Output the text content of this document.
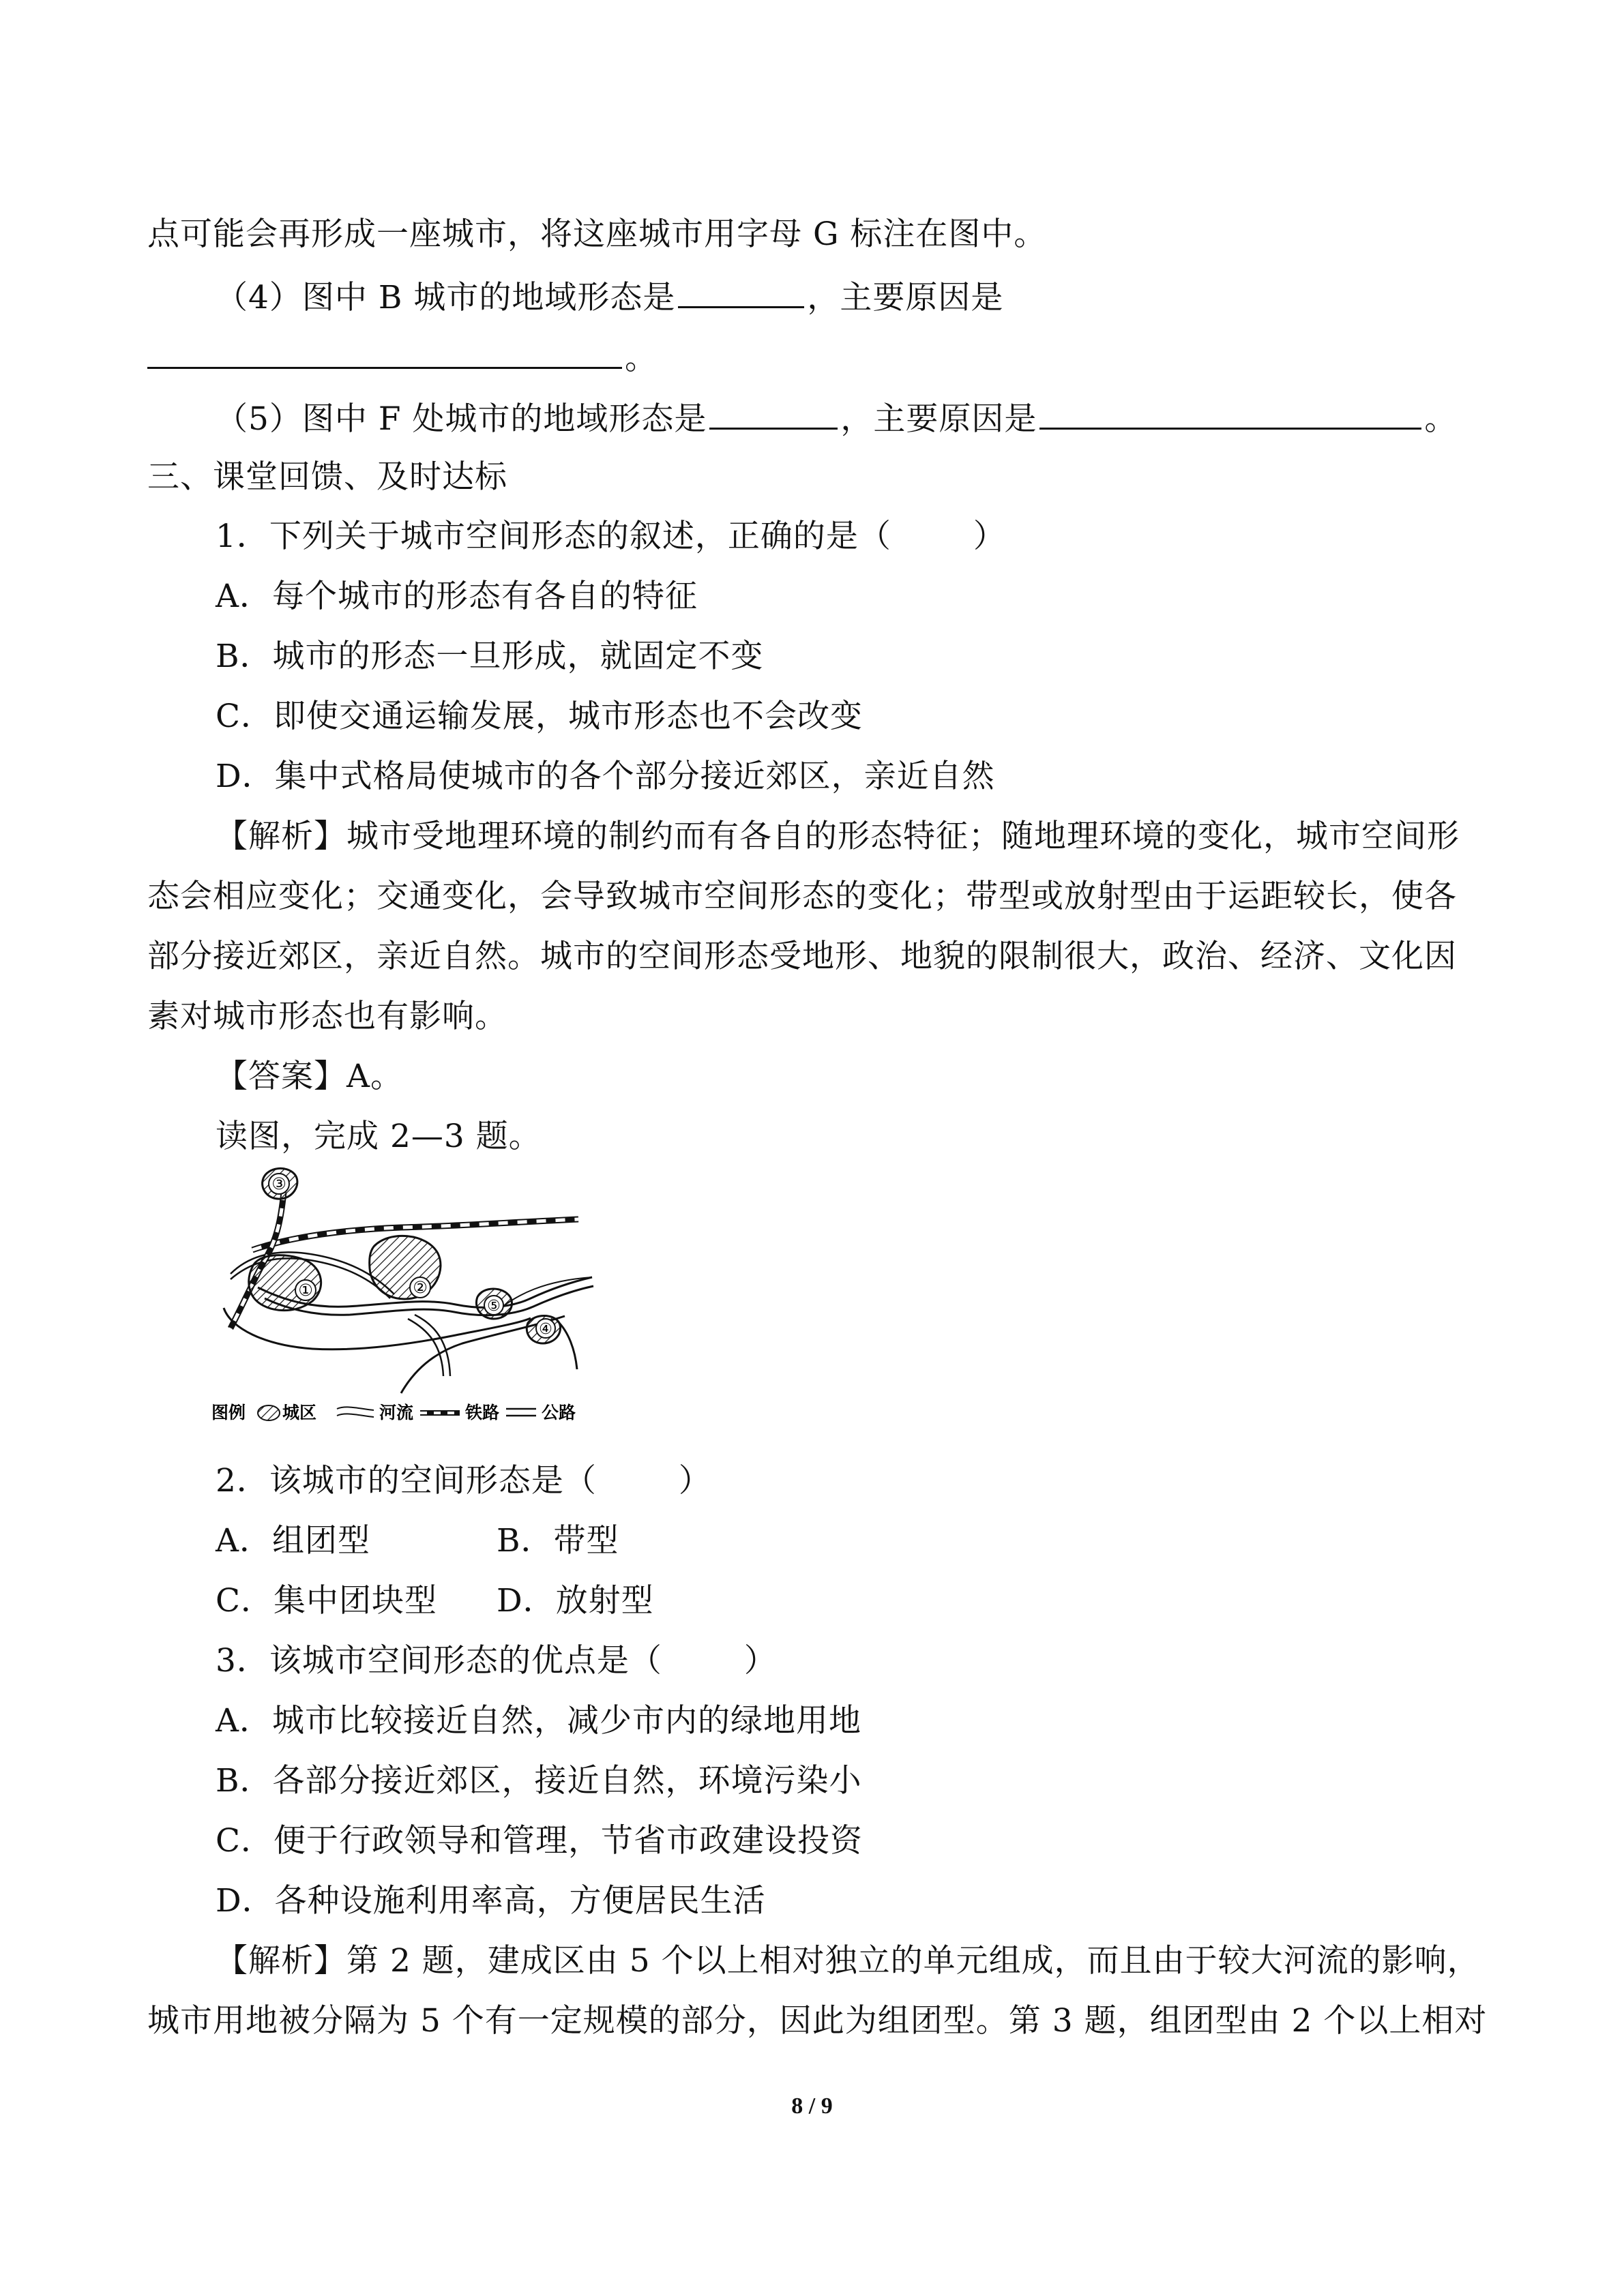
点可能会再形成一座城市，将这座城市用字母 G 标注在图中。
（4）图中 B 城市的地域形态是	，主要原因是
。
（5）图中 F 处城市的地域形态是	，主要原因是	。
三、课堂回馈、及时达标
1．下列关于城市空间形态的叙述，正确的是（	）
A．每个城市的形态有各自的特征
B．城市的形态一旦形成，就固定不变
C．即使交通运输发展，城市形态也不会改变
D．集中式格局使城市的各个部分接近郊区，亲近自然
【解析】城市受地理环境的制约而有各自的形态特征；随地理环境的变化，城市空间形
态会相应变化；交通变化，会导致城市空间形态的变化；带型或放射型由于运距较长，使各
部分接近郊区，亲近自然。城市的空间形态受地形、地貌的限制很大，政治、经济、文化因
素对城市形态也有影响。
【答案】A。
读图，完成 2—3 题。
③
①	②
⑤
④
图例 城区	河流	铁路 公路
2．该城市的空间形态是（	）
A．组团型	B．带型
C．集中团块型 D．放射型
3．该城市空间形态的优点是（	）
A．城市比较接近自然，减少市内的绿地用地
B．各部分接近郊区，接近自然，环境污染小
C．便于行政领导和管理，节省市政建设投资
D．各种设施利用率高，方便居民生活
【解析】第 2 题，建成区由 5 个以上相对独立的单元组成，而且由于较大河流的影响，
城市用地被分隔为 5 个有一定规模的部分，因此为组团型。第 3 题，组团型由 2 个以上相对
8 / 9
